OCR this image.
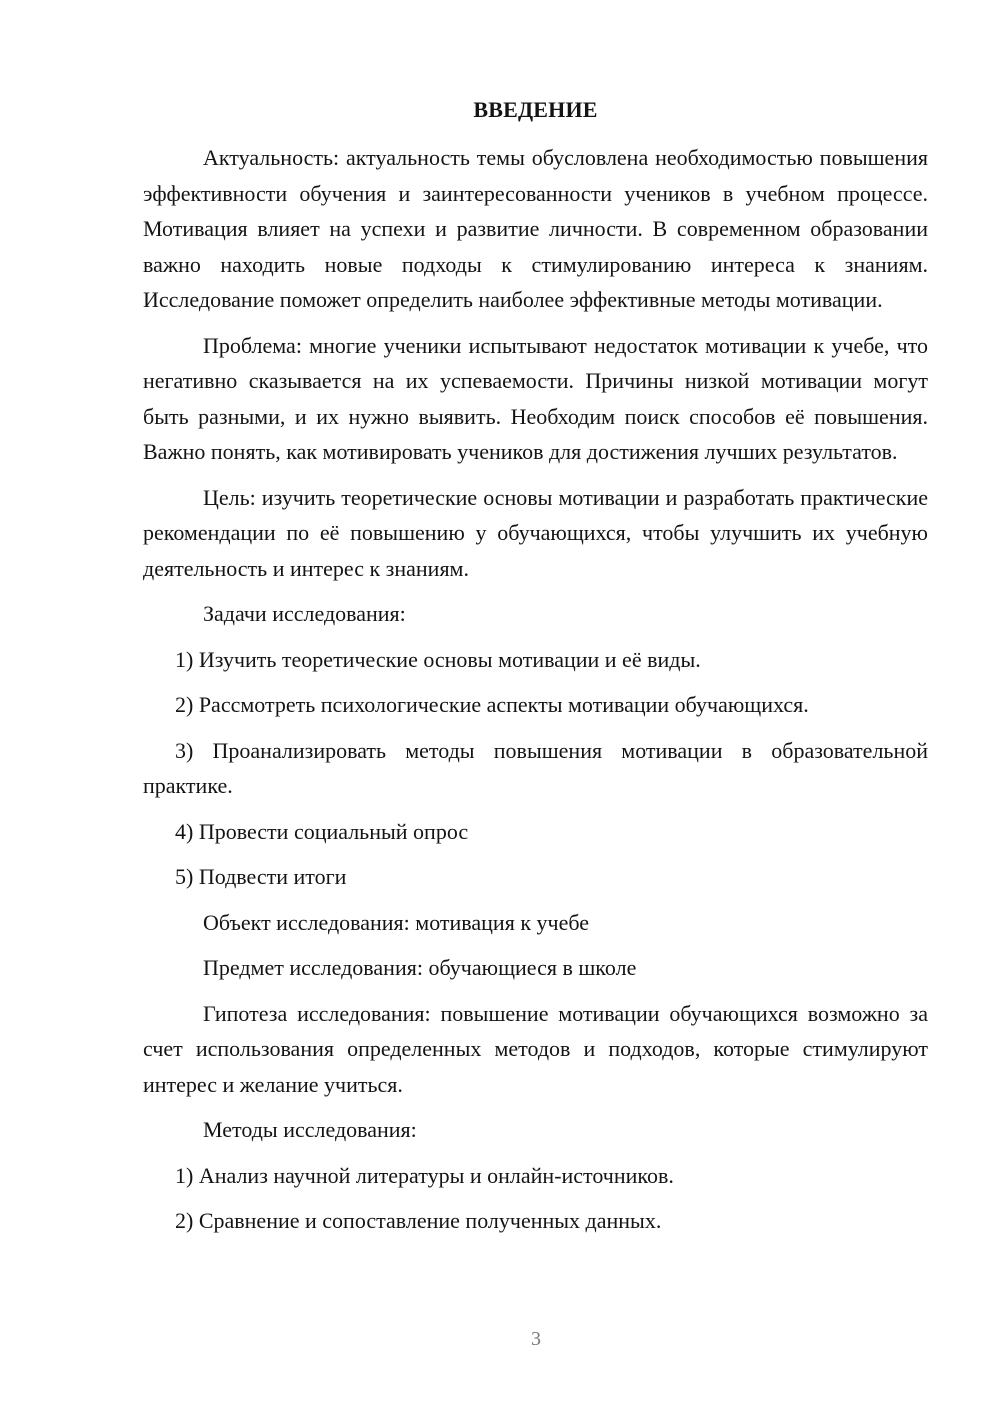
ВВЕДЕНИЕ

Актуальность: актуальность темы обусловлена необходимостью повышения эффективности обучения и заинтересованности учеников в учебном процессе. Мотивация влияет на успехи и развитие личности. В современном образовании важно находить новые подходы к стимулированию интереса к знаниям. Исследование поможет определить наиболее эффективные методы мотивации.

Проблема: многие ученики испытывают недостаток мотивации к учебе, что негативно сказывается на их успеваемости. Причины низкой мотивации могут быть разными, и их нужно выявить. Необходим поиск способов её повышения. Важно понять, как мотивировать учеников для достижения лучших результатов.

Цель: изучить теоретические основы мотивации и разработать практические рекомендации по её повышению у обучающихся, чтобы улучшить их учебную деятельность и интерес к знаниям.

Задачи исследования:

1) Изучить теоретические основы мотивации и её виды.

2) Рассмотреть психологические аспекты мотивации обучающихся.

3) Проанализировать методы повышения мотивации в образовательной практике.

4) Провести социальный опрос

5) Подвести итоги

Объект исследования: мотивация к учебе

Предмет исследования: обучающиеся в школе

Гипотеза исследования: повышение мотивации обучающихся возможно за счет использования определенных методов и подходов, которые стимулируют интерес и желание учиться.

Методы исследования:

1) Анализ научной литературы и онлайн-источников.

2) Сравнение и сопоставление полученных данных.

3
